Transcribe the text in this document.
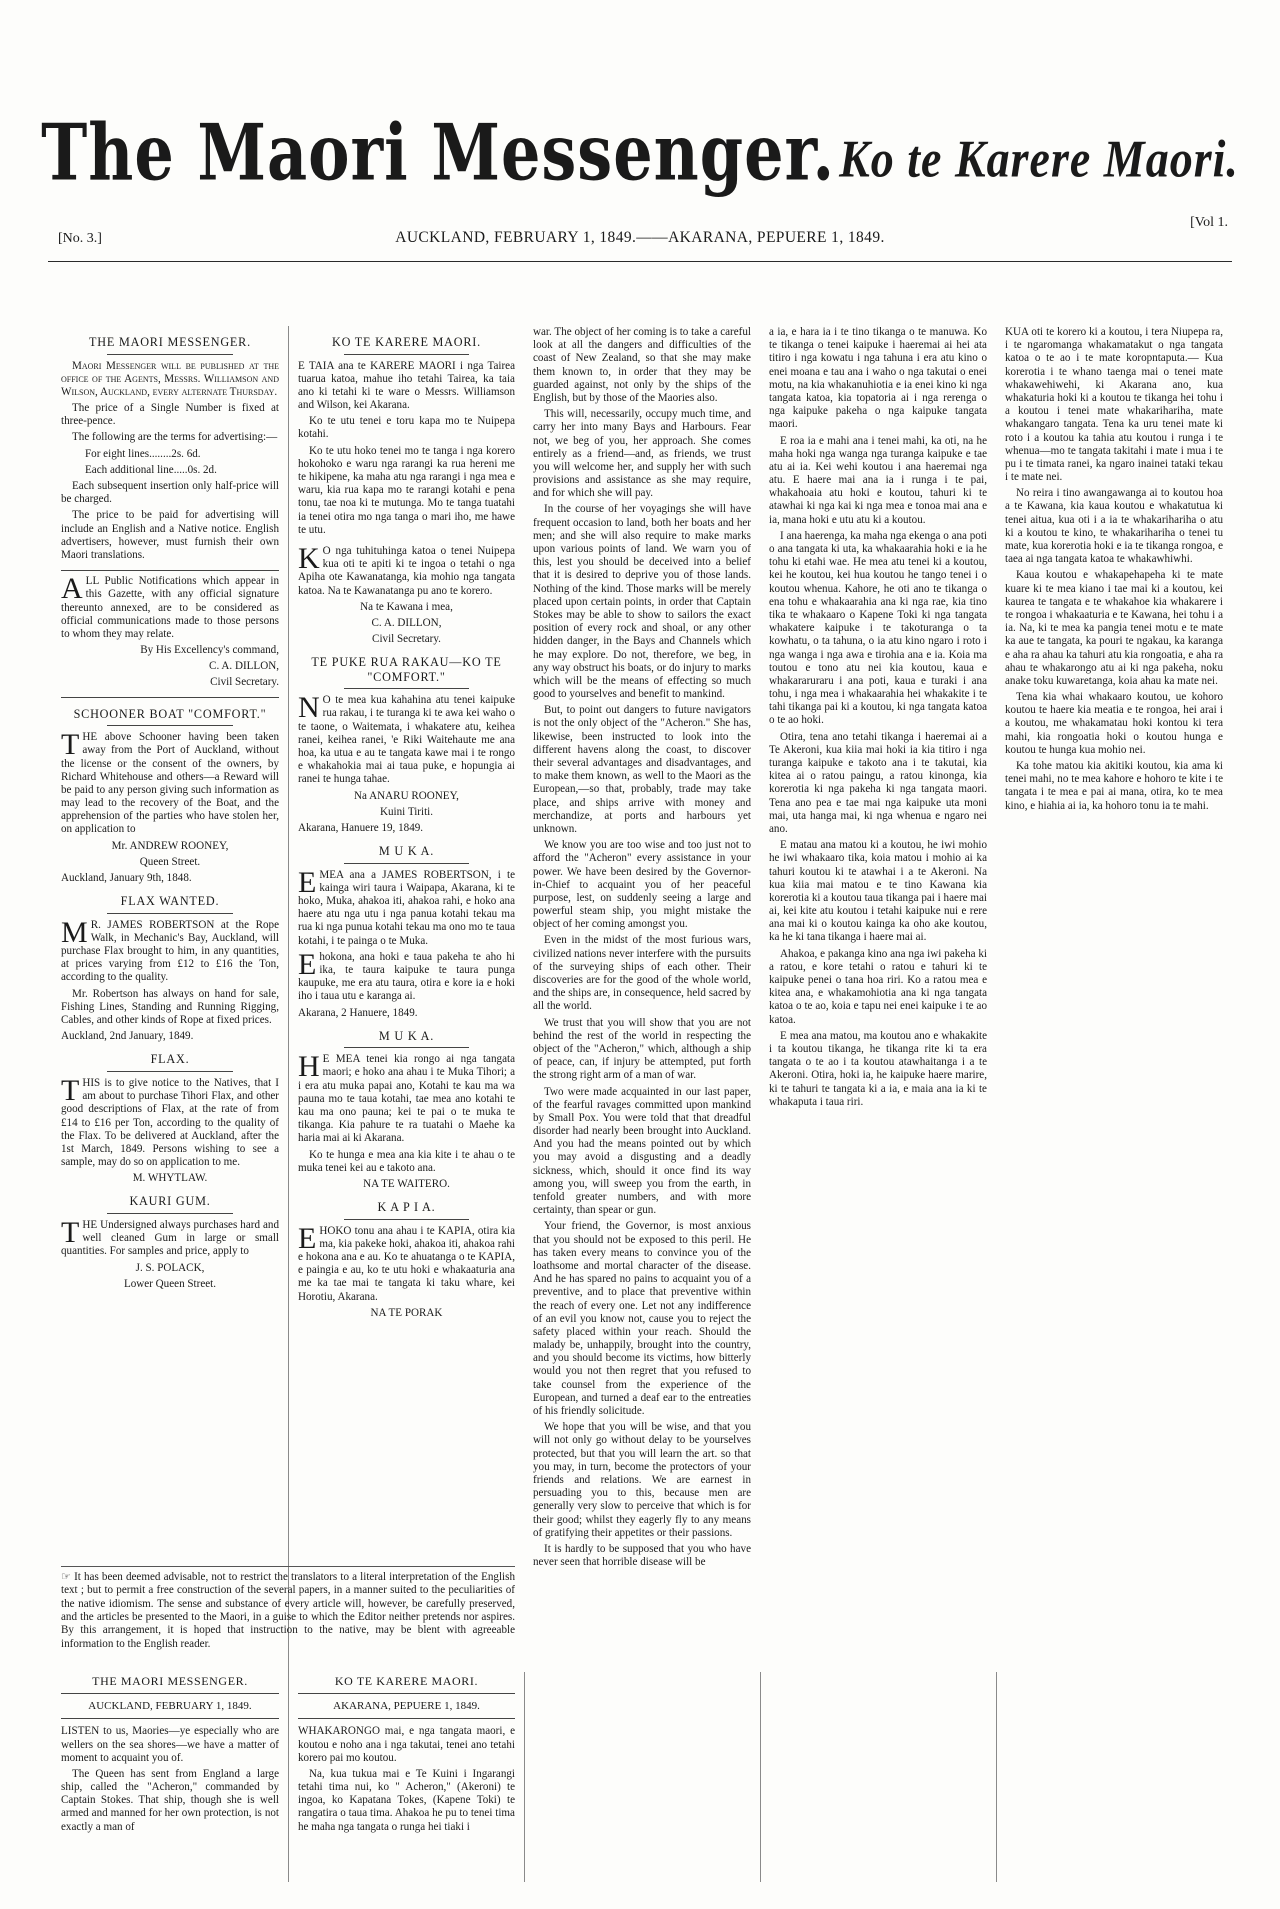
The Maori Messenger. Ko te Karere Maori.
[No. 3.]	AUCKLAND, FEBRUARY 1, 1849.——AKARANA, PEPUERE 1, 1849.
[Vol 1.
THE MAORI MESSENGER.

Maori Messenger will be published at the office of the Agents, Messrs. Williamson and Wilson, Auckland, every alternate Thursday.

The price of a Single Number is fixed at three-pence.

The following are the terms for advertising:—

For eight lines........2s. 6d.

Each additional line.....0s. 2d.

Each subsequent insertion only half-price will be charged.

The price to be paid for advertising will include an English and a Native notice. English advertisers, however, must furnish their own Maori translations.

ALL Public Notifications which appear in this Gazette, with any official signature thereunto annexed, are to be considered as official communications made to those persons to whom they may relate.

By His Excellency's command,

C. A. DILLON,

Civil Secretary.

SCHOONER BOAT "COMFORT."

THE above Schooner having been taken away from the Port of Auckland, without the license or the consent of the owners, by Richard Whitehouse and others—a Reward will be paid to any person giving such information as may lead to the recovery of the Boat, and the apprehension of the parties who have stolen her, on application to

Mr. ANDREW ROONEY,

Queen Street.

Auckland, January 9th, 1848.

FLAX WANTED.

MR. JAMES ROBERTSON at the Rope Walk, in Mechanic's Bay, Auckland, will purchase Flax brought to him, in any quantities, at prices varying from £12 to £16 the Ton, according to the quality.

Mr. Robertson has always on hand for sale, Fishing Lines, Standing and Running Rigging, Cables, and other kinds of Rope at fixed prices.

Auckland, 2nd January, 1849.

FLAX.

THIS is to give notice to the Natives, that I am about to purchase Tihori Flax, and other good descriptions of Flax, at the rate of from £14 to £16 per Ton, according to the quality of the Flax. To be delivered at Auckland, after the 1st March, 1849. Persons wishing to see a sample, may do so on application to me.

M. WHYTLAW.

KAURI GUM.

THE Undersigned always purchases hard and well cleaned Gum in large or small quantities. For samples and price, apply to

J. S. POLACK,

Lower Queen Street.

KO TE KARERE MAORI.

E TAIA ana te KARERE MAORI i nga Tairea tuarua katoa, mahue iho tetahi Tairea, ka taia ano ki tetahi ki te ware o Messrs. Williamson and Wilson, kei Akarana.

Ko te utu tenei e toru kapa mo te Nuipepa kotahi.

Ko te utu hoko tenei mo te tanga i nga korero hokohoko e waru nga rarangi ka rua hereni me te hikipene, ka maha atu nga rarangi i nga mea e waru, kia rua kapa mo te rarangi kotahi e pena tonu, tae noa ki te mutunga. Mo te tanga tuatahi ia tenei otira mo nga tanga o mari iho, me hawe te utu.

KO nga tuhituhinga katoa o tenei Nuipepa kua oti te apiti ki te ingoa o tetahi o nga Apiha ote Kawanatanga, kia mohio nga tangata katoa. Na te Kawanatanga pu ano te korero.

Na te Kawana i mea,

C. A. DILLON,

Civil Secretary.

TE PUKE RUA RAKAU—KO TE "COMFORT."

NO te mea kua kahahina atu tenei kaipuke rua rakau, i te turanga ki te awa kei waho o te taone, o Waitemata, i whakatere atu, keihea ranei, keihea ranei, 'e Riki Waitehaute me ana hoa, ka utua e au te tangata kawe mai i te rongo e whakahokia mai ai taua puke, e hopungia ai ranei te hunga tahae.

Na ANARU ROONEY,

Kuini Tiriti.

Akarana, Hanuere 19, 1849.

M U K A.

EMEA ana a JAMES ROBERTSON, i te kainga wiri taura i Waipapa, Akarana, ki te hoko, Muka, ahakoa iti, ahakoa rahi, e hoko ana haere atu nga utu i nga panua kotahi tekau ma rua ki nga punua kotahi tekau ma ono mo te taua kotahi, i te painga o te Muka.

Ehokona, ana hoki e taua pakeha te aho hi ika, te taura kaipuke te taura punga kaupuke, me era atu taura, otira e kore ia e hoki iho i taua utu e karanga ai.

Akarana, 2 Hanuere, 1849.

M U K A.

HE MEA tenei kia rongo ai nga tangata maori; e hoko ana ahau i te Muka Tihori; a i era atu muka papai ano, Kotahi te kau ma wa pauna mo te taua kotahi, tae mea ano kotahi te kau ma ono pauna; kei te pai o te muka te tikanga. Kia pahure te ra tuatahi o Maehe ka haria mai ai ki Akarana.

Ko te hunga e mea ana kia kite i te ahau o te muka tenei kei au e takoto ana.

NA TE WAITERO.

K A P I A.

EHOKO tonu ana ahau i te KAPIA, otira kia ma, kia pakeke hoki, ahakoa iti, ahakoa rahi e hokona ana e au. Ko te ahuatanga o te KAPIA, e paingia e au, ko te utu hoki e whakaaturia ana me ka tae mai te tangata ki taku whare, kei Horotiu, Akarana.

NA TE PORAK

war. The object of her coming is to take a careful look at all the dangers and difficulties of the coast of New Zealand, so that she may make them known to, in order that they may be guarded against, not only by the ships of the English, but by those of the Maories also.

This will, necessarily, occupy much time, and carry her into many Bays and Harbours. Fear not, we beg of you, her approach. She comes entirely as a friend—and, as friends, we trust you will welcome her, and supply her with such provisions and assistance as she may require, and for which she will pay.

In the course of her voyagings she will have frequent occasion to land, both her boats and her men; and she will also require to make marks upon various points of land. We warn you of this, lest you should be deceived into a belief that it is desired to deprive you of those lands. Nothing of the kind. Those marks will be merely placed upon certain points, in order that Captain Stokes may be able to show to sailors the exact position of every rock and shoal, or any other hidden danger, in the Bays and Channels which he may explore. Do not, therefore, we beg, in any way obstruct his boats, or do injury to marks which will be the means of effecting so much good to yourselves and benefit to mankind.

But, to point out dangers to future navigators is not the only object of the "Acheron." She has, likewise, been instructed to look into the different havens along the coast, to discover their several advantages and disadvantages, and to make them known, as well to the Maori as the European,—so that, probably, trade may take place, and ships arrive with money and merchandize, at ports and harbours yet unknown.

We know you are too wise and too just not to afford the "Acheron" every assistance in your power. We have been desired by the Governor-in-Chief to acquaint you of her peaceful purpose, lest, on suddenly seeing a large and powerful steam ship, you might mistake the object of her coming amongst you.

Even in the midst of the most furious wars, civilized nations never interfere with the pursuits of the surveying ships of each other. Their discoveries are for the good of the whole world, and the ships are, in consequence, held sacred by all the world.

We trust that you will show that you are not behind the rest of the world in respecting the object of the "Acheron," which, although a ship of peace, can, if injury be attempted, put forth the strong right arm of a man of war.

Two were made acquainted in our last paper, of the fearful ravages committed upon mankind by Small Pox. You were told that that dreadful disorder had nearly been brought into Auckland. And you had the means pointed out by which you may avoid a disgusting and a deadly sickness, which, should it once find its way among you, will sweep you from the earth, in tenfold greater numbers, and with more certainty, than spear or gun.

Your friend, the Governor, is most anxious that you should not be exposed to this peril. He has taken every means to convince you of the loathsome and mortal character of the disease. And he has spared no pains to acquaint you of a preventive, and to place that preventive within the reach of every one. Let not any indifference of an evil you know not, cause you to reject the safety placed within your reach. Should the malady be, unhappily, brought into the country, and you should become its victims, how bitterly would you not then regret that you refused to take counsel from the experience of the European, and turned a deaf ear to the entreaties of his friendly solicitude.

We hope that you will be wise, and that you will not only go without delay to be yourselves protected, but that you will learn the art. so that you may, in turn, become the protectors of your friends and relations. We are earnest in persuading you to this, because men are generally very slow to perceive that which is for their good; whilst they eagerly fly to any means of gratifying their appetites or their passions.

It is hardly to be supposed that you who have never seen that horrible disease will be

a ia, e hara ia i te tino tikanga o te manuwa. Ko te tikanga o tenei kaipuke i haeremai ai hei ata titiro i nga kowatu i nga tahuna i era atu kino o enei moana e tau ana i waho o nga takutai o enei motu, na kia whakanuhiotia e ia enei kino ki nga tangata katoa, kia topatoria ai i nga rerenga o nga kaipuke pakeha o nga kaipuke tangata maori.

E roa ia e mahi ana i tenei mahi, ka oti, na he maha hoki nga wanga nga turanga kaipuke e tae atu ai ia. Kei wehi koutou i ana haeremai nga atu. E haere mai ana ia i runga i te pai, whakahoaia atu hoki e koutou, tahuri ki te atawhai ki nga kai ki nga mea e tonoa mai ana e ia, mana hoki e utu atu ki a koutou.

I ana haerenga, ka maha nga ekenga o ana poti o ana tangata ki uta, ka whakaarahia hoki e ia he tohu ki etahi wae. He mea atu tenei ki a koutou, kei he koutou, kei hua koutou he tango tenei i o koutou whenua. Kahore, he oti ano te tikanga o ena tohu e whakaarahia ana ki nga rae, kia tino tika te whakaaro o Kapene Toki ki nga tangata whakatere kaipuke i te takoturanga o ta kowhatu, o ta tahuna, o ia atu kino ngaro i roto i nga wanga i nga awa e tirohia ana e ia. Koia ma toutou e tono atu nei kia koutou, kaua e whakararuraru i ana poti, kaua e turaki i ana tohu, i nga mea i whakaarahia hei whakakite i te tahi tikanga pai ki a koutou, ki nga tangata katoa o te ao hoki.

Otira, tena ano tetahi tikanga i haeremai ai a Te Akeroni, kua kiia mai hoki ia kia titiro i nga turanga kaipuke e takoto ana i te takutai, kia kitea ai o ratou paingu, a ratou kinonga, kia korerotia ki nga pakeha ki nga tangata maori. Tena ano pea e tae mai nga kaipuke uta moni mai, uta hanga mai, ki nga whenua e ngaro nei ano.

E matau ana matou ki a koutou, he iwi mohio he iwi whakaaro tika, koia matou i mohio ai ka tahuri koutou ki te atawhai i a te Akeroni. Na kua kiia mai matou e te tino Kawana kia korerotia ki a koutou taua tikanga pai i haere mai ai, kei kite atu koutou i tetahi kaipuke nui e rere ana mai ki o koutou kainga ka oho ake koutou, ka he ki tana tikanga i haere mai ai.

Ahakoa, e pakanga kino ana nga iwi pakeha ki a ratou, e kore tetahi o ratou e tahuri ki te kaipuke penei o tana hoa riri. Ko a ratou mea e kitea ana, e whakamohiotia ana ki nga tangata katoa o te ao, koia e tapu nei enei kaipuke i te ao katoa.

E mea ana matou, ma koutou ano e whakakite i ta koutou tikanga, he tikanga rite ki ta era tangata o te ao i ta koutou atawhaitanga i a te Akeroni. Otira, hoki ia, he kaipuke haere marire, ki te tahuri te tangata ki a ia, e maia ana ia ki te whakaputa i taua riri.

KUA oti te korero ki a koutou, i tera Niupepa ra, i te ngaromanga whakamatakut o nga tangata katoa o te ao i te mate koropntaputa.— Kua korerotia i te whano taenga mai o tenei mate whakawehiwehi, ki Akarana ano, kua whakaturia hoki ki a koutou te tikanga hei tohu i a koutou i tenei mate whakarihariha, mate whakangaro tangata. Tena ka uru tenei mate ki roto i a koutou ka tahia atu koutou i runga i te whenua—mo te tangata takitahi i mate i mua i te pu i te timata ranei, ka ngaro inainei tataki tekau i te mate nei.

No reira i tino awangawanga ai to koutou hoa a te Kawana, kia kaua koutou e whakatutua ki tenei aitua, kua oti i a ia te whakarihariha o atu ki a koutou te kino, te whakarihariha o tenei tu mate, kua korerotia hoki e ia te tikanga rongoa, e taea ai nga tangata katoa te whakawhiwhi.

Kaua koutou e whakapehapeha ki te mate kuare ki te mea kiano i tae mai ki a koutou, kei kaurea te tangata e te whakahoe kia whakarere i te rongoa i whakaaturia e te Kawana, hei tohu i a ia. Na, ki te mea ka pangia tenei motu e te mate ka aue te tangata, ka pouri te ngakau, ka karanga e aha ra ahau ka tahuri atu kia rongoatia, e aha ra ahau te whakarongo atu ai ki nga pakeha, noku anake toku kuwaretanga, koia ahau ka mate nei.

Tena kia whai whakaaro koutou, ue kohoro koutou te haere kia meatia e te rongoa, hei arai i a koutou, me whakamatau hoki kontou ki tera mahi, kia rongoatia hoki o koutou hunga e koutou te hunga kua mohio nei.

Ka tohe matou kia akitiki koutou, kia ama ki tenei mahi, no te mea kahore e hohoro te kite i te tangata i te mea e pai ai mana, otira, ko te mea kino, e hiahia ai ia, ka hohoro tonu ia te mahi.

☞ It has been deemed advisable, not to restrict the translators to a literal interpretation of the English text ; but to permit a free construction of the several papers, in a manner suited to the peculiarities of the native idiomism. The sense and substance of every article will, however, be carefully preserved, and the articles be presented to the Maori, in a guise to which the Editor neither pretends nor aspires. By this arrangement, it is hoped that instruction to the native, may be blent with agreeable information to the English reader.

THE MAORI MESSENGER.
AUCKLAND, FEBRUARY 1, 1849.

LISTEN to us, Maories—ye especially who are wellers on the sea shores—we have a matter of moment to acquaint you of.

The Queen has sent from England a large ship, called the "Acheron," commanded by Captain Stokes. That ship, though she is well armed and manned for her own protection, is not exactly a man of

KO TE KARERE MAORI.
AKARANA, PEPUERE 1, 1849.

WHAKARONGO mai, e nga tangata maori, e koutou e noho ana i nga takutai, tenei ano tetahi korero pai mo koutou.

Na, kua tukua mai e Te Kuini i Ingarangi tetahi tima nui, ko " Acheron," (Akeroni) te ingoa, ko Kapatana Tokes, (Kapene Toki) te rangatira o taua tima. Ahakoa he pu to tenei tima he maha nga tangata o runga hei tiaki i
